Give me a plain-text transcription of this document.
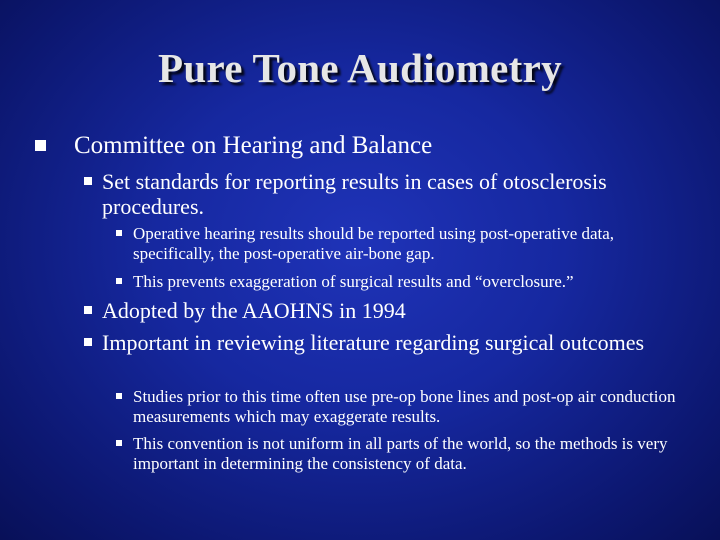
Pure Tone Audiometry
Committee on Hearing and Balance
Set standards for reporting results in cases of otosclerosis procedures.
Operative hearing results should be reported using post-operative data, specifically, the post-operative air-bone gap.
This prevents exaggeration of surgical results and “overclosure.”
Adopted by the AAOHNS in 1994
Important in reviewing literature regarding surgical outcomes
Studies prior to this time often use pre-op bone lines and post-op air conduction measurements which may exaggerate results.
This convention is not uniform in all parts of the world, so the methods is very important in determining the consistency of data.
